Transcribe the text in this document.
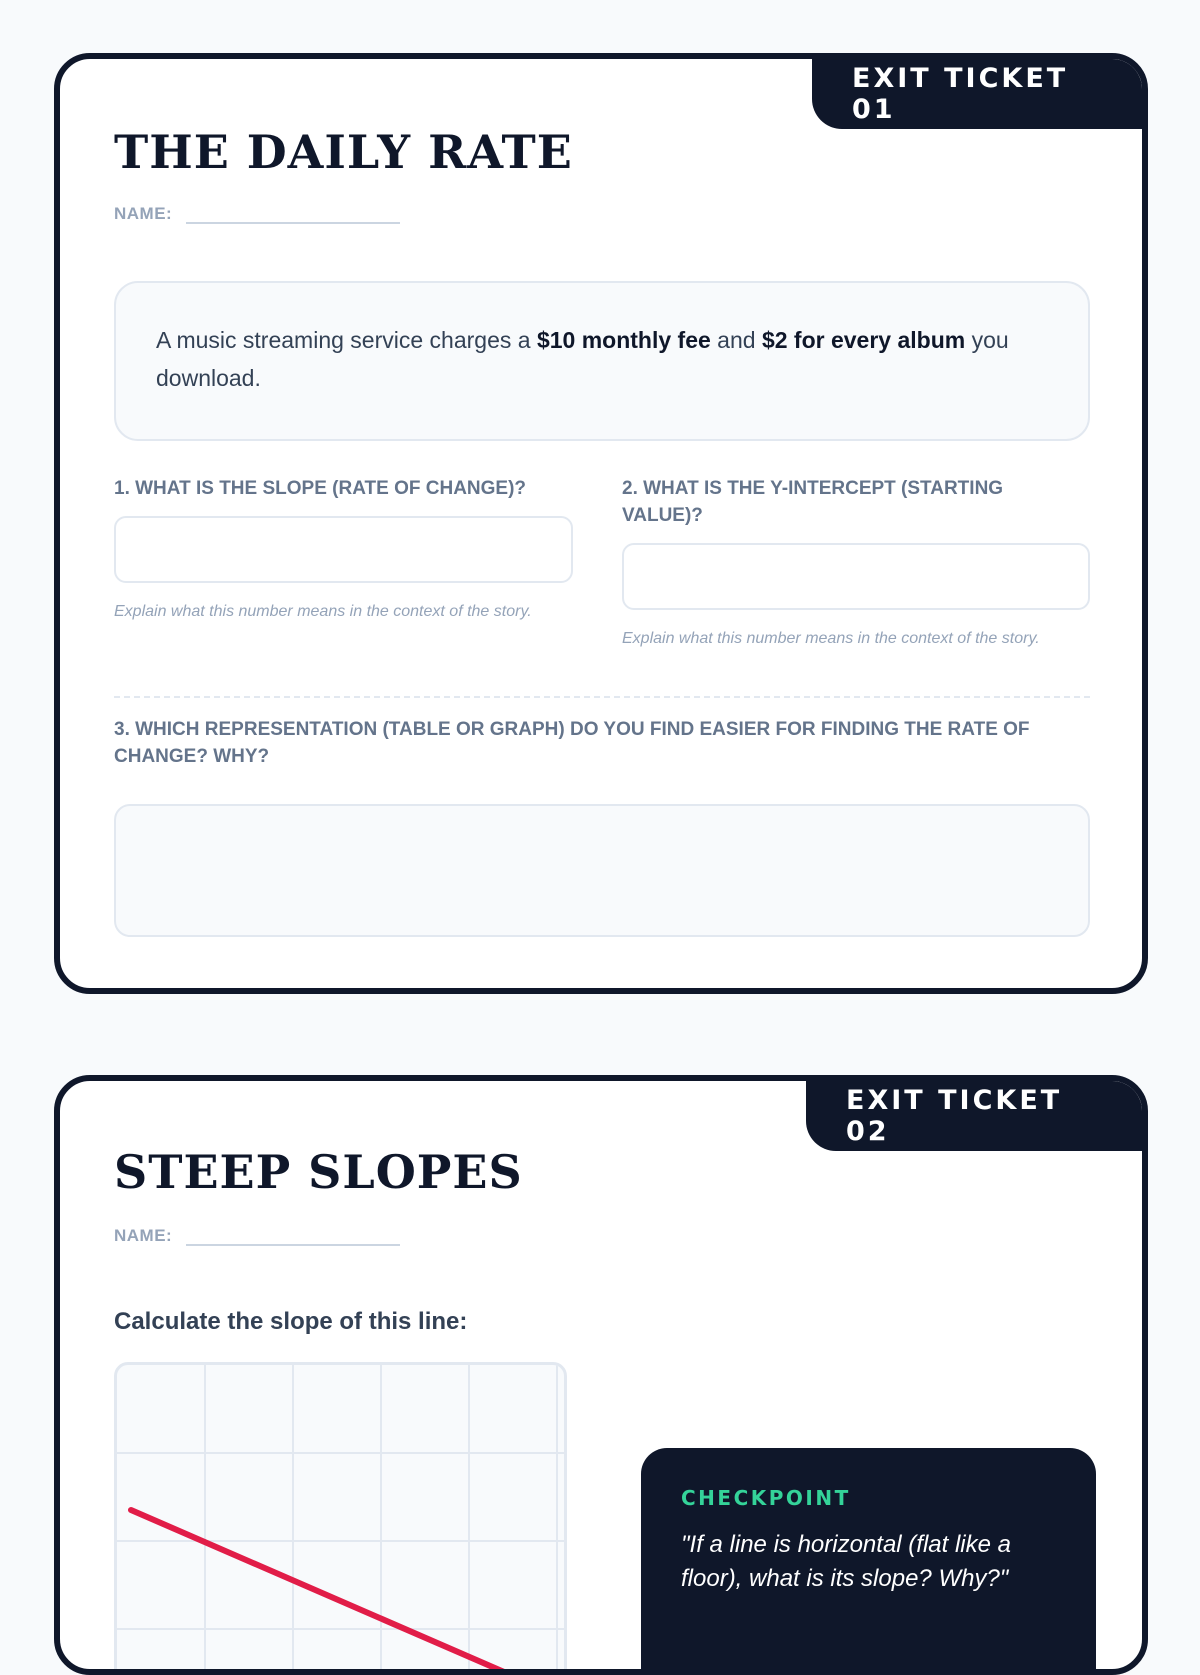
EXIT TICKET 01
THE DAILY RATE
NAME:
A music streaming service charges a $10 monthly fee and $2 for every album you download.
1. WHAT IS THE SLOPE (RATE OF CHANGE)?
Explain what this number means in the context of the story.
2. WHAT IS THE Y-INTERCEPT (STARTING VALUE)?
Explain what this number means in the context of the story.
3. WHICH REPRESENTATION (TABLE OR GRAPH) DO YOU FIND EASIER FOR FINDING THE RATE OF CHANGE? WHY?
EXIT TICKET 02
STEEP SLOPES
NAME:
Calculate the slope of this line:
CHECKPOINT
"If a line is horizontal (flat like a floor), what is its slope? Why?"
